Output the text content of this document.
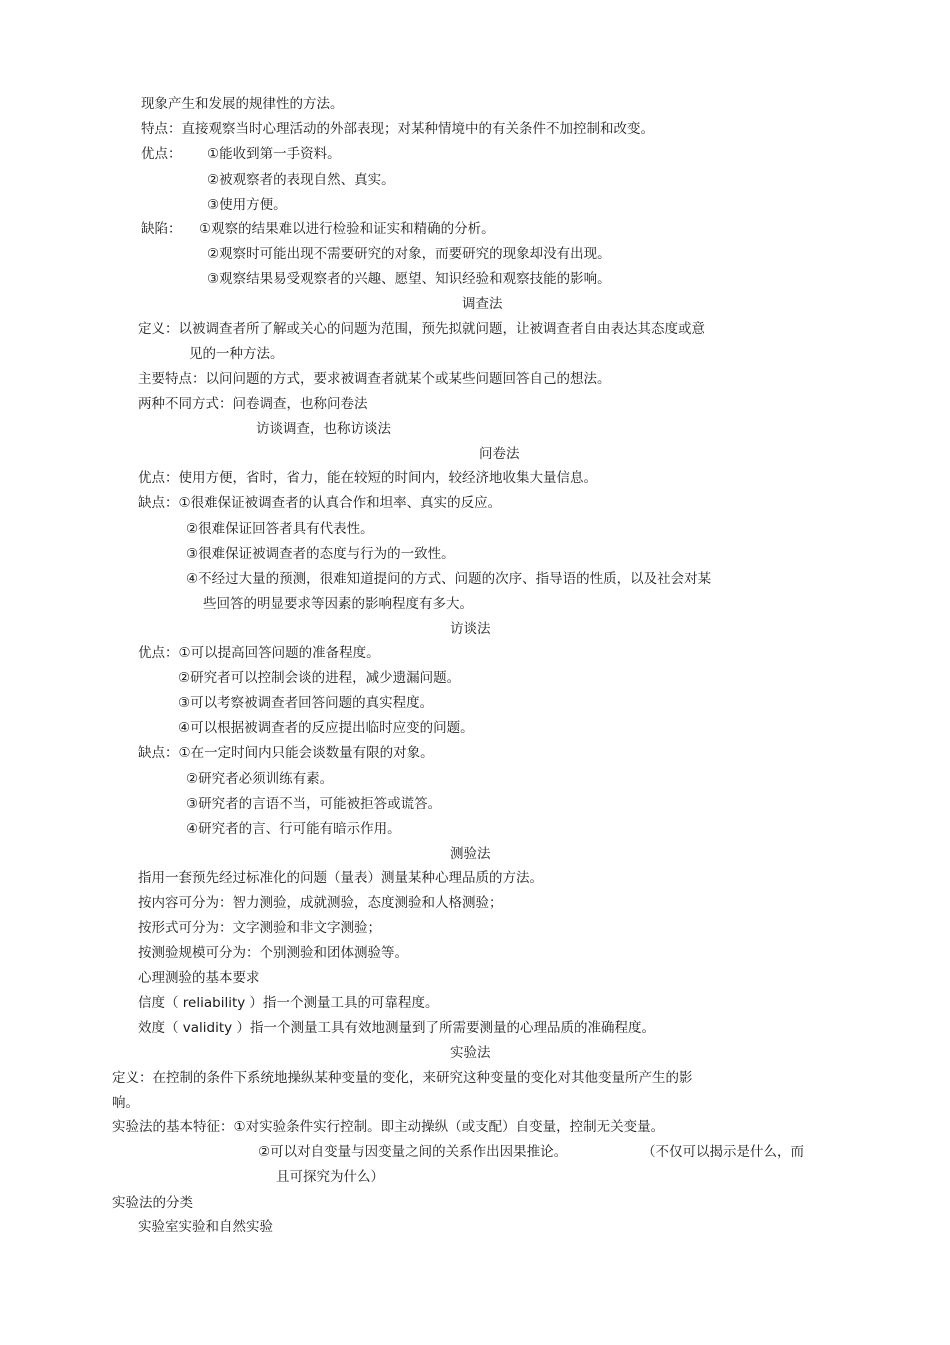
现象产生和发展的规律性的方法。
特点：直接观察当时心理活动的外部表现；对某种情境中的有关条件不加控制和改变。
优点： ①能收到第一手资料。
②被观察者的表现自然、真实。
③使用方便。
缺陷： ①观察的结果难以进行检验和证实和精确的分析。
②观察时可能出现不需要研究的对象，而要研究的现象却没有出现。
③观察结果易受观察者的兴趣、愿望、知识经验和观察技能的影响。
调查法
定义：以被调查者所了解或关心的问题为范围，预先拟就问题，让被调查者自由表达其态度或意
见的一种方法。
主要特点：以问问题的方式，要求被调查者就某个或某些问题回答自己的想法。
两种不同方式：问卷调查，也称问卷法
访谈调查，也称访谈法
问卷法
优点：使用方便，省时，省力，能在较短的时间内，较经济地收集大量信息。
缺点：①很难保证被调查者的认真合作和坦率、真实的反应。
②很难保证回答者具有代表性。
③很难保证被调查者的态度与行为的一致性。
④不经过大量的预测，很难知道提问的方式、问题的次序、指导语的性质，以及社会对某
些回答的明显要求等因素的影响程度有多大。
访谈法
优点：①可以提高回答问题的准备程度。
②研究者可以控制会谈的进程，减少遗漏问题。
③可以考察被调查者回答问题的真实程度。
④可以根据被调查者的反应提出临时应变的问题。
缺点：①在一定时间内只能会谈数量有限的对象。
②研究者必须训练有素。
③研究者的言语不当，可能被拒答或谎答。
④研究者的言、行可能有暗示作用。
测验法
指用一套预先经过标准化的问题（量表）测量某种心理品质的方法。
按内容可分为：智力测验，成就测验，态度测验和人格测验；
按形式可分为：文字测验和非文字测验；
按测验规模可分为：个别测验和团体测验等。
心理测验的基本要求
信度（ reliability ）指一个测量工具的可靠程度。
效度（ validity ）指一个测量工具有效地测量到了所需要测量的心理品质的准确程度。
实验法
定义：在控制的条件下系统地操纵某种变量的变化，来研究这种变量的变化对其他变量所产生的影
响。
实验法的基本特征：①对实验条件实行控制。即主动操纵（或支配）自变量，控制无关变量。
②可以对自变量与因变量之间的关系作出因果推论。	（不仅可以揭示是什么，而
且可探究为什么）
实验法的分类
实验室实验和自然实验
